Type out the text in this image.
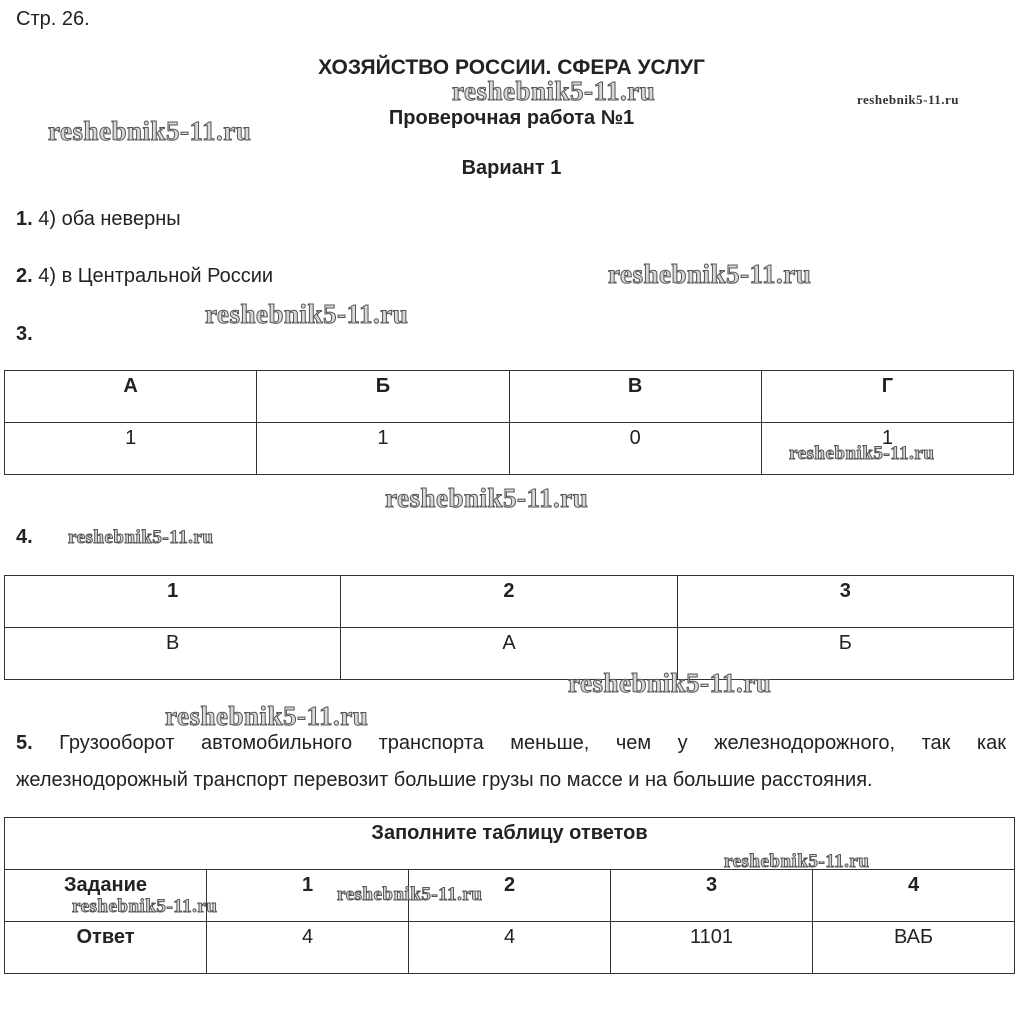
Стр. 26.
ХОЗЯЙСТВО РОССИИ. СФЕРА УСЛУГ
Проверочная работа №1
Вариант 1
1. 4) оба неверны
2. 4) в Центральной России
3.
А	Б	В	Г
1	1	0	1
4.
1	2	3
В	А	Б
5. Грузооборот автомобильного транспорта меньше, чем у железнодорожного, так как
железнодорожный транспорт перевозит большие грузы по массе и на большие расстояния.
Заполните таблицу ответов				
Задание	1	2	3	4
Ответ	4	4	1101	ВАБ
reshebnik5-11.ru	reshebnik5-11.ru
reshebnik5-11.ru
reshebnik5-11.ru
reshebnik5-11.ru
reshebnik5-11.ru
reshebnik5-11.ru
reshebnik5-11.ru
reshebnik5-11.ru
reshebnik5-11.ru
reshebnik5-11.ru
reshebnik5-11.ru
reshebnik5-11.ru
